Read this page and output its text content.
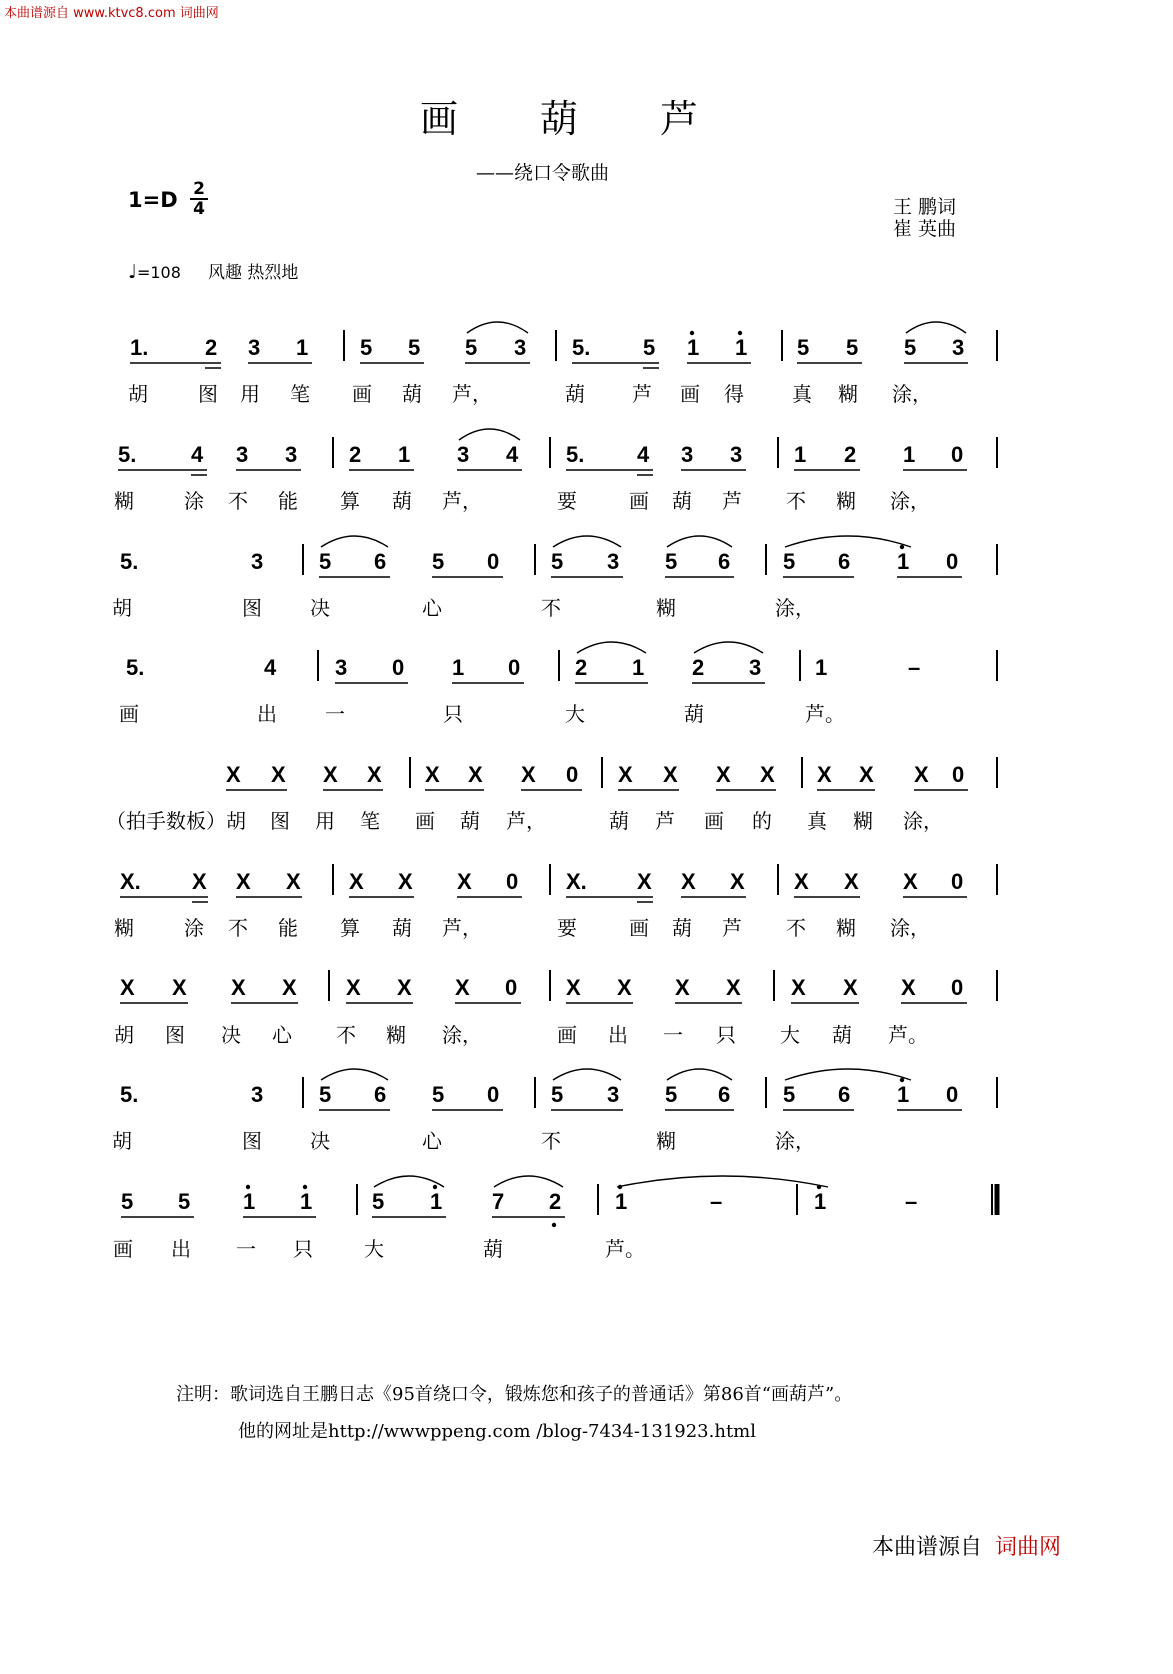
本曲谱源自 www.ktvc8.com 词曲网
画　　葫　　芦
——绕口令歌曲
1=D 2
4	王 鹏词
崔 英曲
♩=108 风趣 热烈地
1.	2 3 1 5 5 5 3 5. 5 1 1 5 5 5 3
胡	图 用 笔 画 葫 芦，	葫 芦 画 得 真 糊 涂，
5. 4 3 3 2 1 3 4 5. 4 3 3 1 2 1 0
糊	涂 不 能 算 葫 芦，	要	画 葫 芦 不 糊 涂，
5.	3	5 6 5 0 5 3 5 6 5 6 1 0
胡	图 决	心	不	糊	涂，
5.	4	3 0 1 0 2 1 2 3 1	–
画	出 一	只	大	葫	芦。
X X X X X X X 0 X X X X X X X 0
（拍手数板）胡 图 用 笔 画 葫 芦，	葫 芦 画 的 真 糊 涂，
X. X X X X X X 0 X. X X X X X X 0
糊	涂 不 能 算 葫 芦，	要	画 葫 芦 不 糊 涂，
X X X X X X X 0 X X X X X X X 0
胡 图 决 心 不 糊 涂，	画 出 一 只 大 葫 芦。
5.	3	5 6 5 0 5 3 5 6 5 6 1 0
胡	图 决	心	不	糊	涂，
5 5 1 1	5 1 7 2 1	–	1	–
画 出 一 只	大	葫	芦。
注明：歌词选自王鹏日志《95首绕口令，锻炼您和孩子的普通话》第86首“画葫芦”。
他的网址是http://wwwppeng.com /blog-7434-131923.html
本曲谱源自 词曲网
